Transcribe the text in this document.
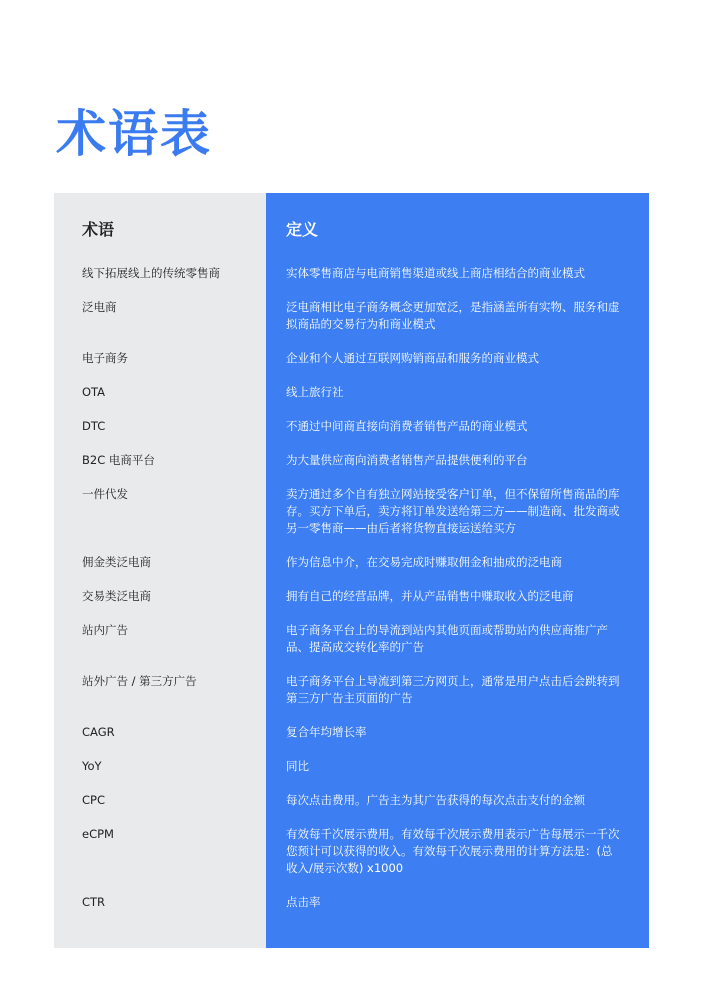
术语表
术语	定义
线下拓展线上的传统零售商	实体零售商店与电商销售渠道或线上商店相结合的商业模式
泛电商	泛电商相比电子商务概念更加宽泛，是指涵盖所有实物、服务和虚拟商品的交易行为和商业模式
电子商务	企业和个人通过互联网购销商品和服务的商业模式
OTA	线上旅行社
DTC	不通过中间商直接向消费者销售产品的商业模式
B2C 电商平台	为大量供应商向消费者销售产品提供便利的平台
一件代发	卖方通过多个自有独立网站接受客户订单，但不保留所售商品的库存。买方下单后，卖方将订单发送给第三方——制造商、批发商或另一零售商——由后者将货物直接运送给买方
佣金类泛电商	作为信息中介，在交易完成时赚取佣金和抽成的泛电商
交易类泛电商	拥有自己的经营品牌，并从产品销售中赚取收入的泛电商
站内广告	电子商务平台上的导流到站内其他页面或帮助站内供应商推广产品、提高成交转化率的广告
站外广告 / 第三方广告	电子商务平台上导流到第三方网页上，通常是用户点击后会跳转到第三方广告主页面的广告
CAGR	复合年均增长率
YoY	同比
CPC	每次点击费用。广告主为其广告获得的每次点击支付的金额
eCPM	有效每千次展示费用。有效每千次展示费用表示广告每展示一千次您预计可以获得的收入。有效每千次展示费用的计算方法是：(总收入/展示次数) x1000
CTR	点击率
